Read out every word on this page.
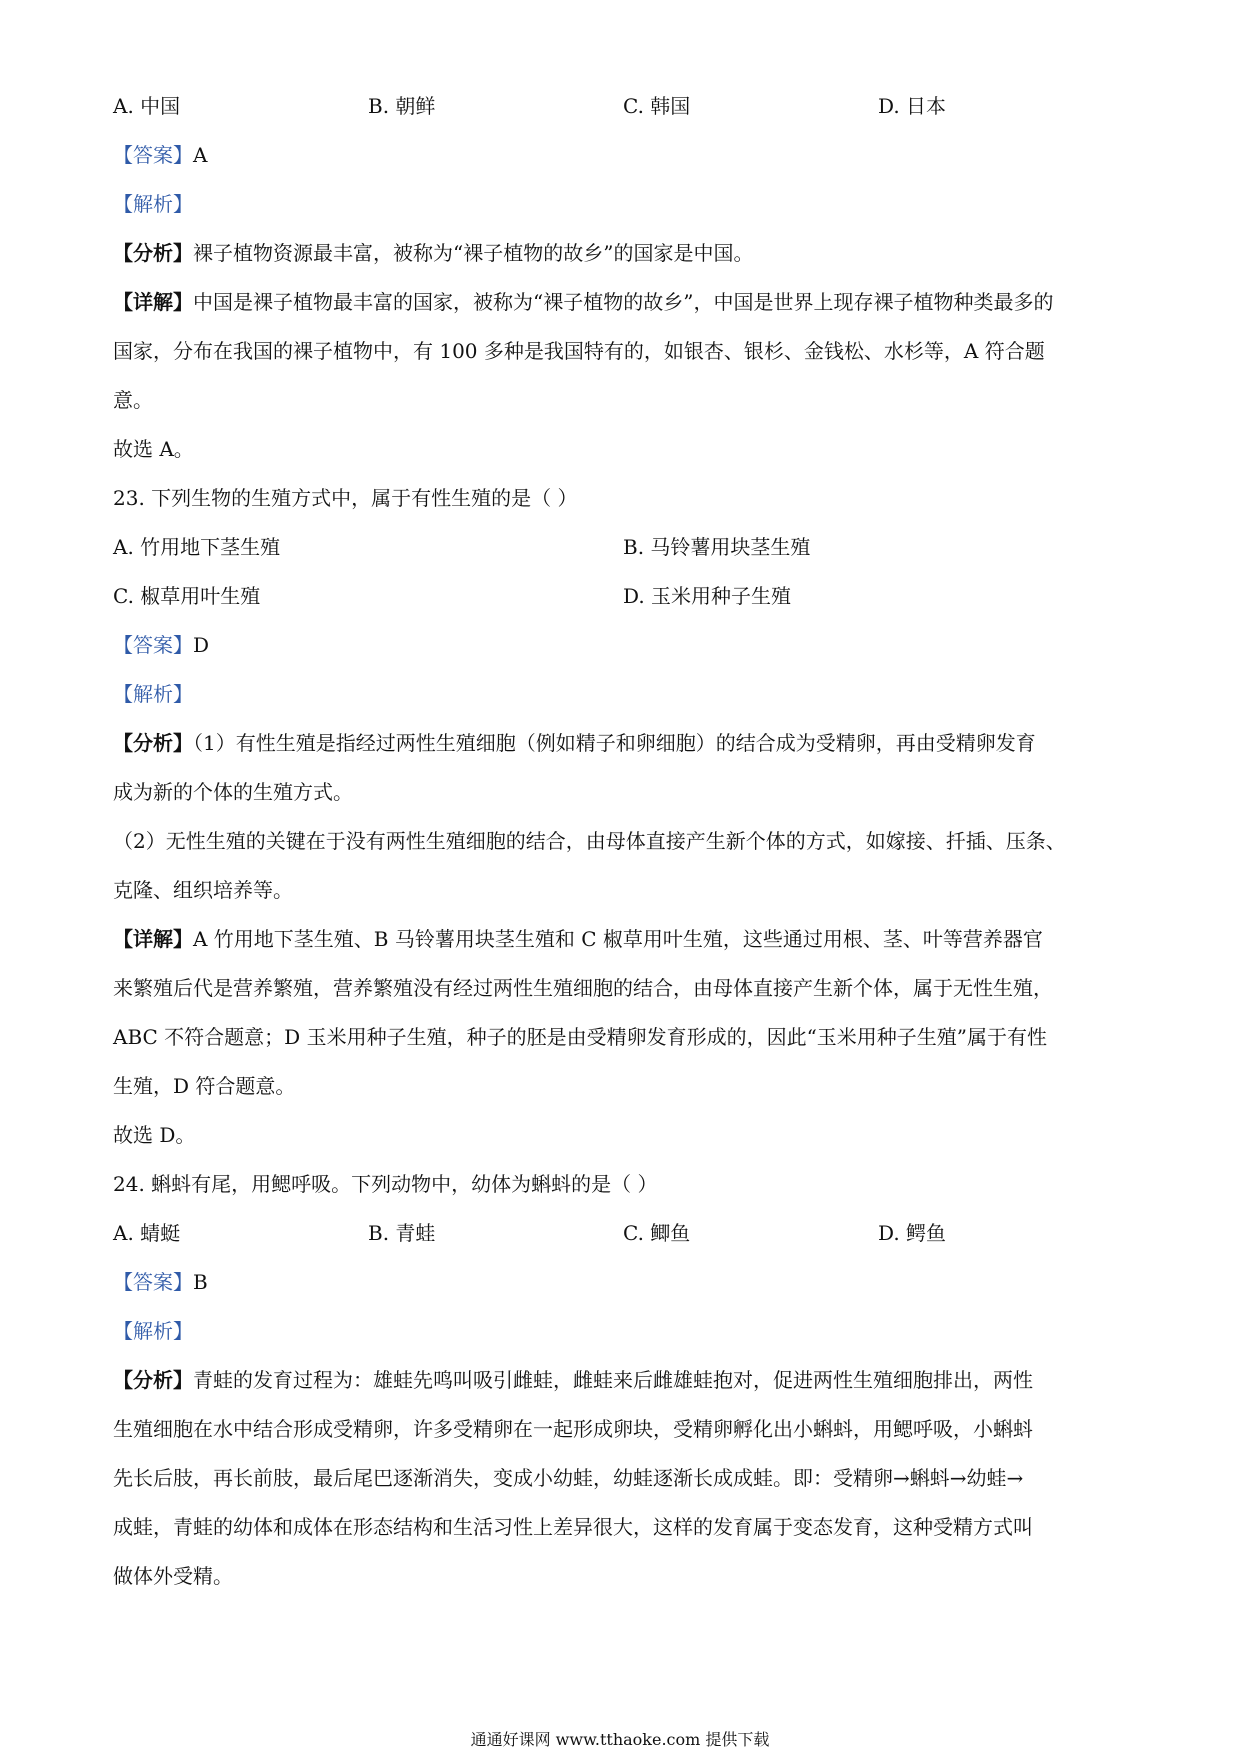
A. 中国	B. 朝鲜	C. 韩国	D. 日本
【答案】A
【解析】
【分析】裸子植物资源最丰富，被称为“裸子植物的故乡”的国家是中国。
【详解】中国是裸子植物最丰富的国家，被称为“裸子植物的故乡”，中国是世界上现存裸子植物种类最多的
国家，分布在我国的裸子植物中，有 100 多种是我国特有的，如银杏、银杉、金钱松、水杉等，A 符合题
意。
故选 A。
23. 下列生物的生殖方式中，属于有性生殖的是（ ）
A. 竹用地下茎生殖	B. 马铃薯用块茎生殖
C. 椒草用叶生殖	D. 玉米用种子生殖
【答案】D
【解析】
【分析】（1）有性生殖是指经过两性生殖细胞（例如精子和卵细胞）的结合成为受精卵，再由受精卵发育
成为新的个体的生殖方式。
（2）无性生殖的关键在于没有两性生殖细胞的结合，由母体直接产生新个体的方式，如嫁接、扦插、压条、
克隆、组织培养等。
【详解】A 竹用地下茎生殖、B 马铃薯用块茎生殖和 C 椒草用叶生殖，这些通过用根、茎、叶等营养器官
来繁殖后代是营养繁殖，营养繁殖没有经过两性生殖细胞的结合，由母体直接产生新个体，属于无性生殖，
ABC 不符合题意；D 玉米用种子生殖，种子的胚是由受精卵发育形成的，因此“玉米用种子生殖”属于有性
生殖，D 符合题意。
故选 D。
24. 蝌蚪有尾，用鳃呼吸。下列动物中，幼体为蝌蚪的是（ ）
A. 蜻蜓	B. 青蛙	C. 鲫鱼	D. 鳄鱼
【答案】B
【解析】
【分析】青蛙的发育过程为：雄蛙先鸣叫吸引雌蛙，雌蛙来后雌雄蛙抱对，促进两性生殖细胞排出，两性
生殖细胞在水中结合形成受精卵，许多受精卵在一起形成卵块，受精卵孵化出小蝌蚪，用鳃呼吸，小蝌蚪
先长后肢，再长前肢，最后尾巴逐渐消失，变成小幼蛙，幼蛙逐渐长成成蛙。即：受精卵→蝌蚪→幼蛙→
成蛙，青蛙的幼体和成体在形态结构和生活习性上差异很大，这样的发育属于变态发育，这种受精方式叫
做体外受精。
通通好课网 www.tthaoke.com 提供下载
